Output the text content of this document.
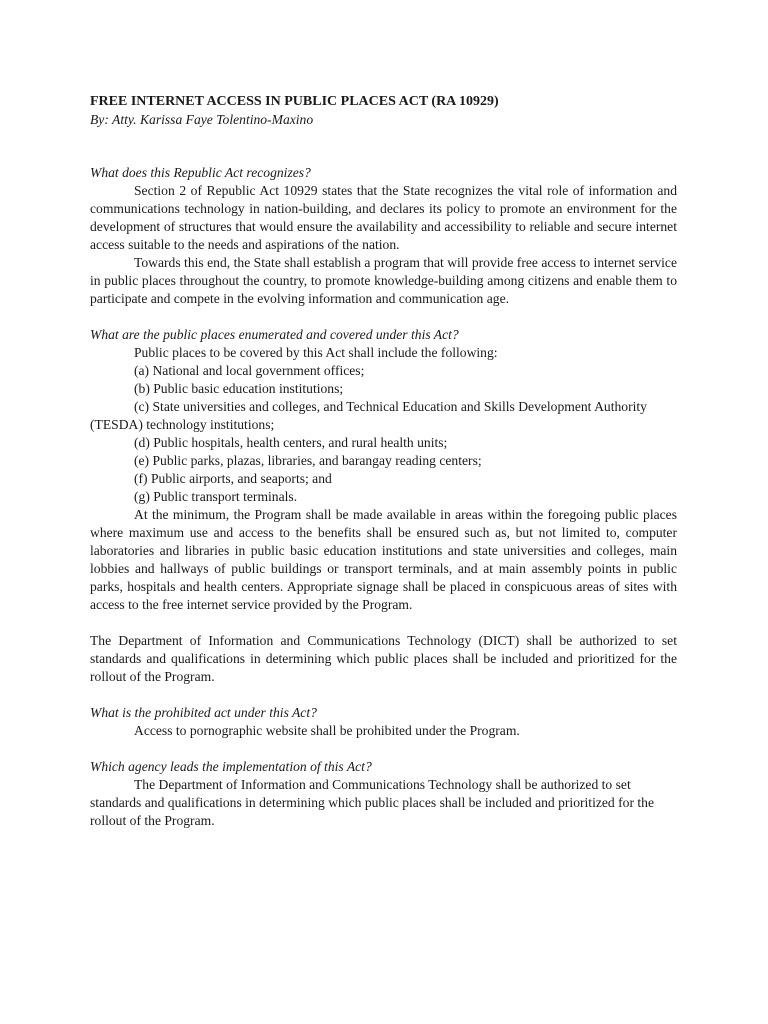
FREE INTERNET ACCESS IN PUBLIC PLACES ACT (RA 10929)

By: Atty. Karissa Faye Tolentino-Maxino

What does this Republic Act recognizes?

Section 2 of Republic Act 10929 states that the State recognizes the vital role of information and communications technology in nation-building, and declares its policy to promote an environment for the development of structures that would ensure the availability and accessibility to reliable and secure internet access suitable to the needs and aspirations of the nation.

Towards this end, the State shall establish a program that will provide free access to internet service in public places throughout the country, to promote knowledge-building among citizens and enable them to participate and compete in the evolving information and communication age.

What are the public places enumerated and covered under this Act?

Public places to be covered by this Act shall include the following:

(a) National and local government offices;

(b) Public basic education institutions;

(c) State universities and colleges, and Technical Education and Skills Development Authority (TESDA) technology institutions;

(d) Public hospitals, health centers, and rural health units;

(e) Public parks, plazas, libraries, and barangay reading centers;

(f) Public airports, and seaports; and

(g) Public transport terminals.

At the minimum, the Program shall be made available in areas within the foregoing public places where maximum use and access to the benefits shall be ensured such as, but not limited to, computer laboratories and libraries in public basic education institutions and state universities and colleges, main lobbies and hallways of public buildings or transport terminals, and at main assembly points in public parks, hospitals and health centers. Appropriate signage shall be placed in conspicuous areas of sites with access to the free internet service provided by the Program.

The Department of Information and Communications Technology (DICT) shall be authorized to set standards and qualifications in determining which public places shall be included and prioritized for the rollout of the Program.

What is the prohibited act under this Act?

Access to pornographic website shall be prohibited under the Program.

Which agency leads the implementation of this Act?

The Department of Information and Communications Technology shall be authorized to set standards and qualifications in determining which public places shall be included and prioritized for the rollout of the Program.
